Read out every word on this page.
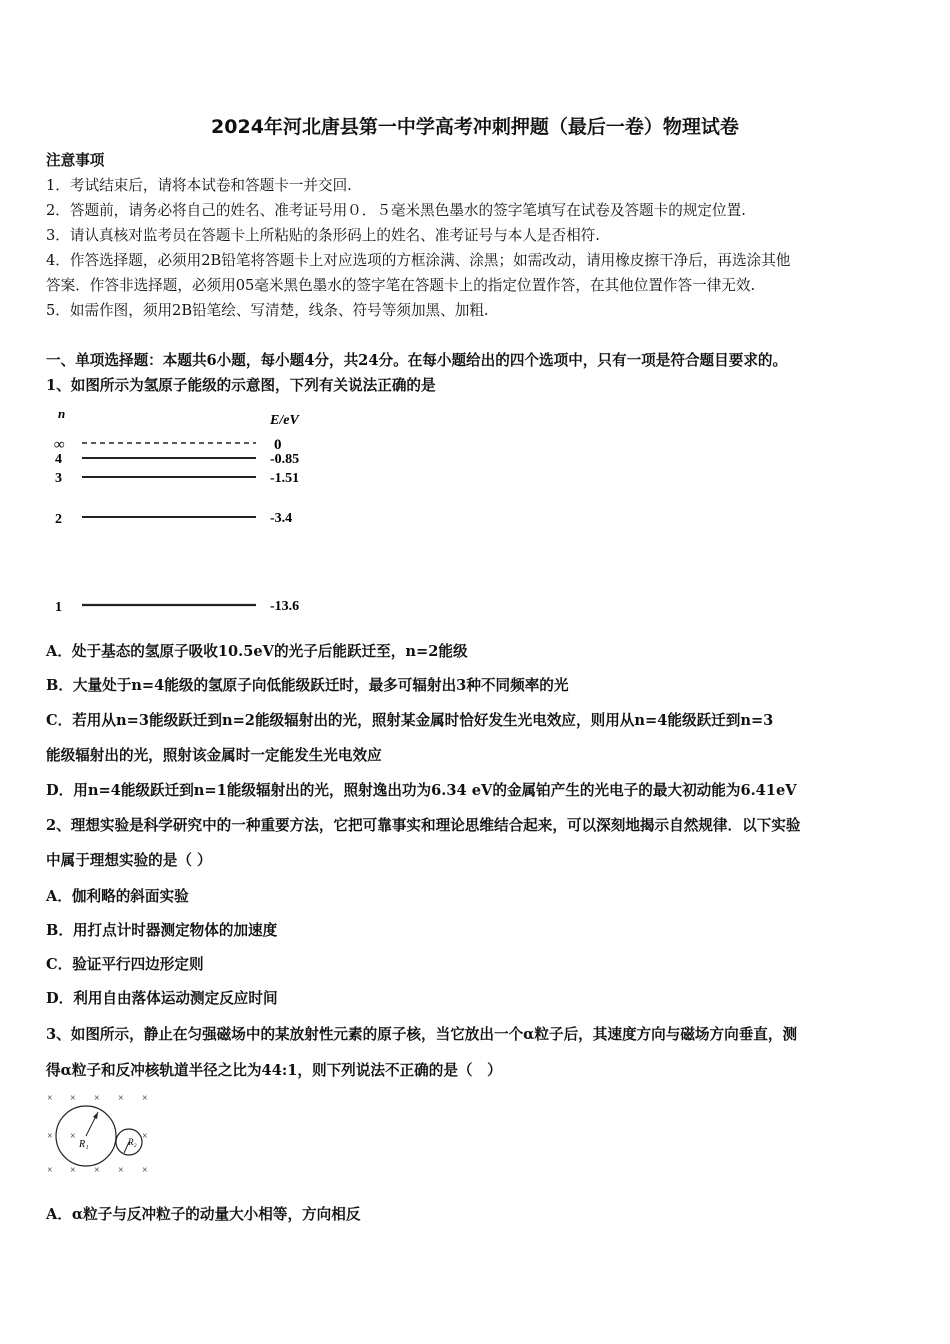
2024年河北唐县第一中学高考冲刺押题（最后一卷）物理试卷
注意事项
1．考试结束后，请将本试卷和答题卡一并交回.
2．答题前，请务必将自己的姓名、准考证号用０．５毫米黑色墨水的签字笔填写在试卷及答题卡的规定位置.
3．请认真核对监考员在答题卡上所粘贴的条形码上的姓名、准考证号与本人是否相符.
4．作答选择题，必须用2B铅笔将答题卡上对应选项的方框涂满、涂黑；如需改动，请用橡皮擦干净后，再选涂其他
答案．作答非选择题，必须用05毫米黑色墨水的签字笔在答题卡上的指定位置作答，在其他位置作答一律无效.
5．如需作图，须用2B铅笔绘、写清楚，线条、符号等须加黑、加粗.
一、单项选择题：本题共6小题，每小题4分，共24分。在每小题给出的四个选项中，只有一项是符合题目要求的。
1、如图所示为氢原子能级的示意图，下列有关说法正确的是
n	E/eV
∞	0
4	-0.85
3	-1.51
2	-3.4
1	-13.6
A．处于基态的氢原子吸收10.5eV的光子后能跃迁至，n=2能级
B．大量处于n=4能级的氢原子向低能级跃迁时，最多可辐射出3种不同频率的光
C．若用从n=3能级跃迁到n=2能级辐射出的光，照射某金属时恰好发生光电效应，则用从n=4能级跃迁到n=3
能级辐射出的光，照射该金属时一定能发生光电效应
D．用n=4能级跃迁到n=1能级辐射出的光，照射逸出功为6.34 eV的金属铂产生的光电子的最大初动能为6.41eV
2、理想实验是科学研究中的一种重要方法，它把可靠事实和理论思维结合起来，可以深刻地揭示自然规律．以下实验
中属于理想实验的是（ ）
A．伽利略的斜面实验
B．用打点计时器测定物体的加速度
C．验证平行四边形定则
D．利用自由落体运动测定反应时间
3、如图所示，静止在匀强磁场中的某放射性元素的原子核，当它放出一个α粒子后，其速度方向与磁场方向垂直，测
得α粒子和反冲核轨道半径之比为44:1，则下列说法不正确的是（　）
× × × × ×
× ×	×
× × × × ×
R₁	R₂
A．α粒子与反冲粒子的动量大小相等，方向相反
